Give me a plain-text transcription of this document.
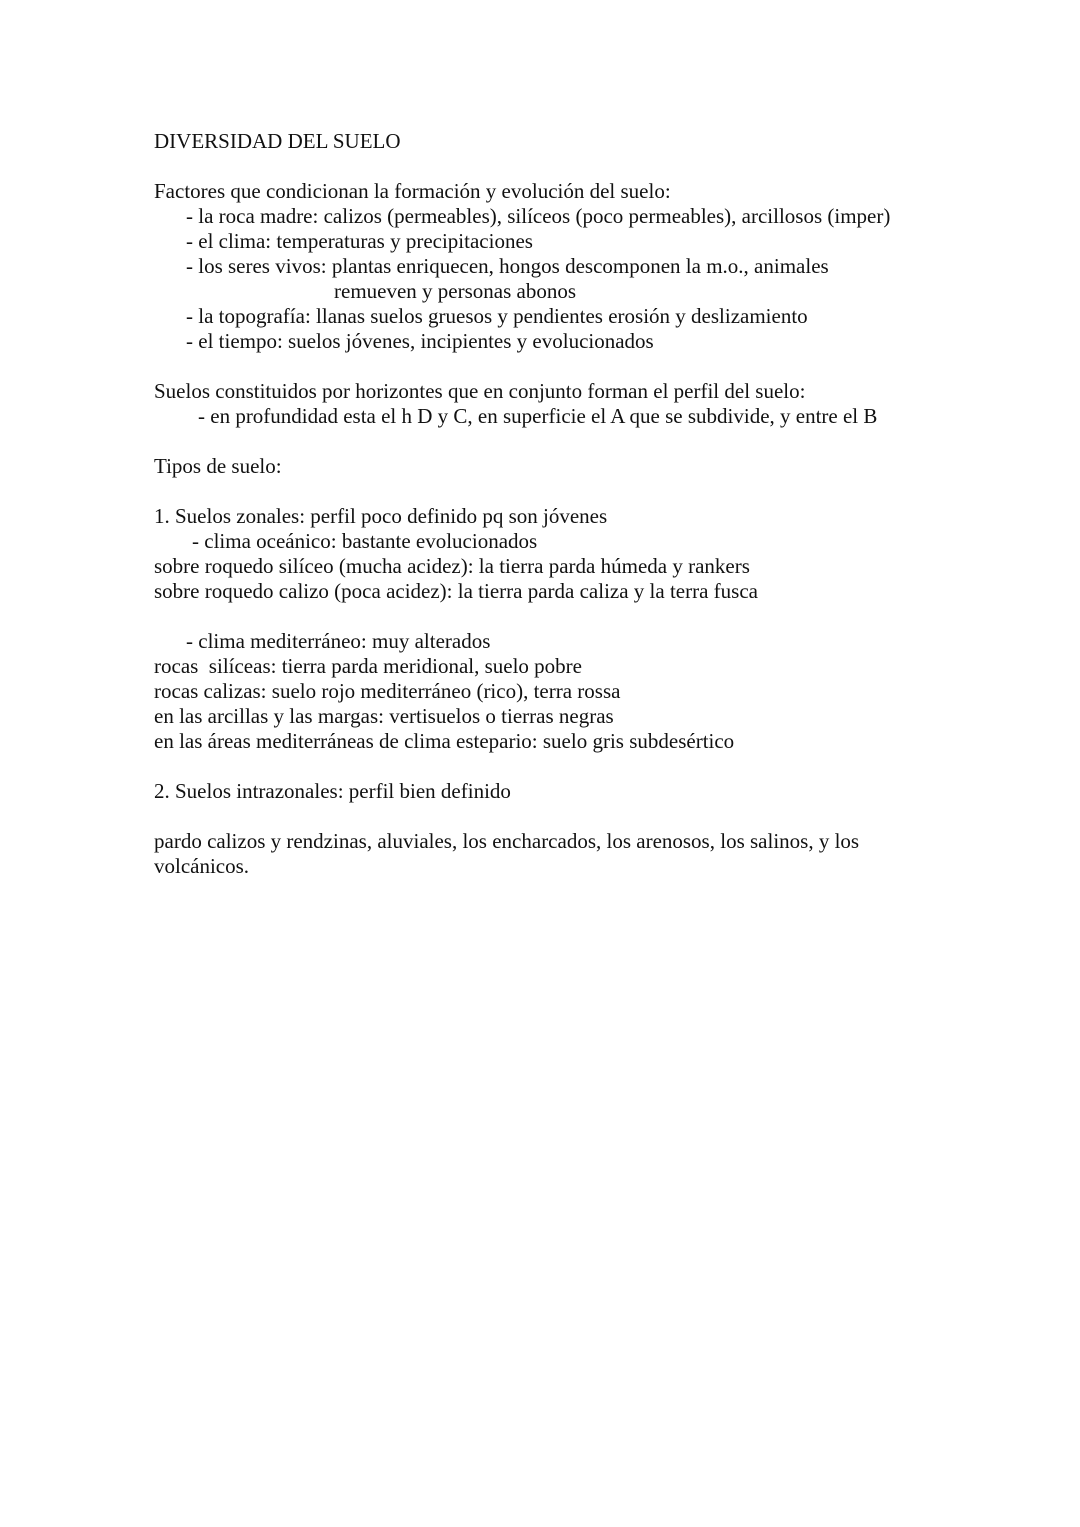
DIVERSIDAD DEL SUELO
Factores que condicionan la formación y evolución del suelo:
- la roca madre: calizos (permeables), silíceos (poco permeables), arcillosos (imper)
- el clima: temperaturas y precipitaciones
- los seres vivos: plantas enriquecen, hongos descomponen la m.o., animales
remueven y personas abonos
- la topografía: llanas suelos gruesos y pendientes erosión y deslizamiento
- el tiempo: suelos jóvenes, incipientes y evolucionados
Suelos constituidos por horizontes que en conjunto forman el perfil del suelo:
- en profundidad esta el h D y C, en superficie el A que se subdivide, y entre el B
Tipos de suelo:
1. Suelos zonales: perfil poco definido pq son jóvenes
- clima oceánico: bastante evolucionados
sobre roquedo silíceo (mucha acidez): la tierra parda húmeda y rankers
sobre roquedo calizo (poca acidez): la tierra parda caliza y la terra fusca
- clima mediterráneo: muy alterados
rocas  silíceas: tierra parda meridional, suelo pobre
rocas calizas: suelo rojo mediterráneo (rico), terra rossa
en las arcillas y las margas: vertisuelos o tierras negras
en las áreas mediterráneas de clima estepario: suelo gris subdesértico
2. Suelos intrazonales: perfil bien definido
pardo calizos y rendzinas, aluviales, los encharcados, los arenosos, los salinos, y los
volcánicos.
